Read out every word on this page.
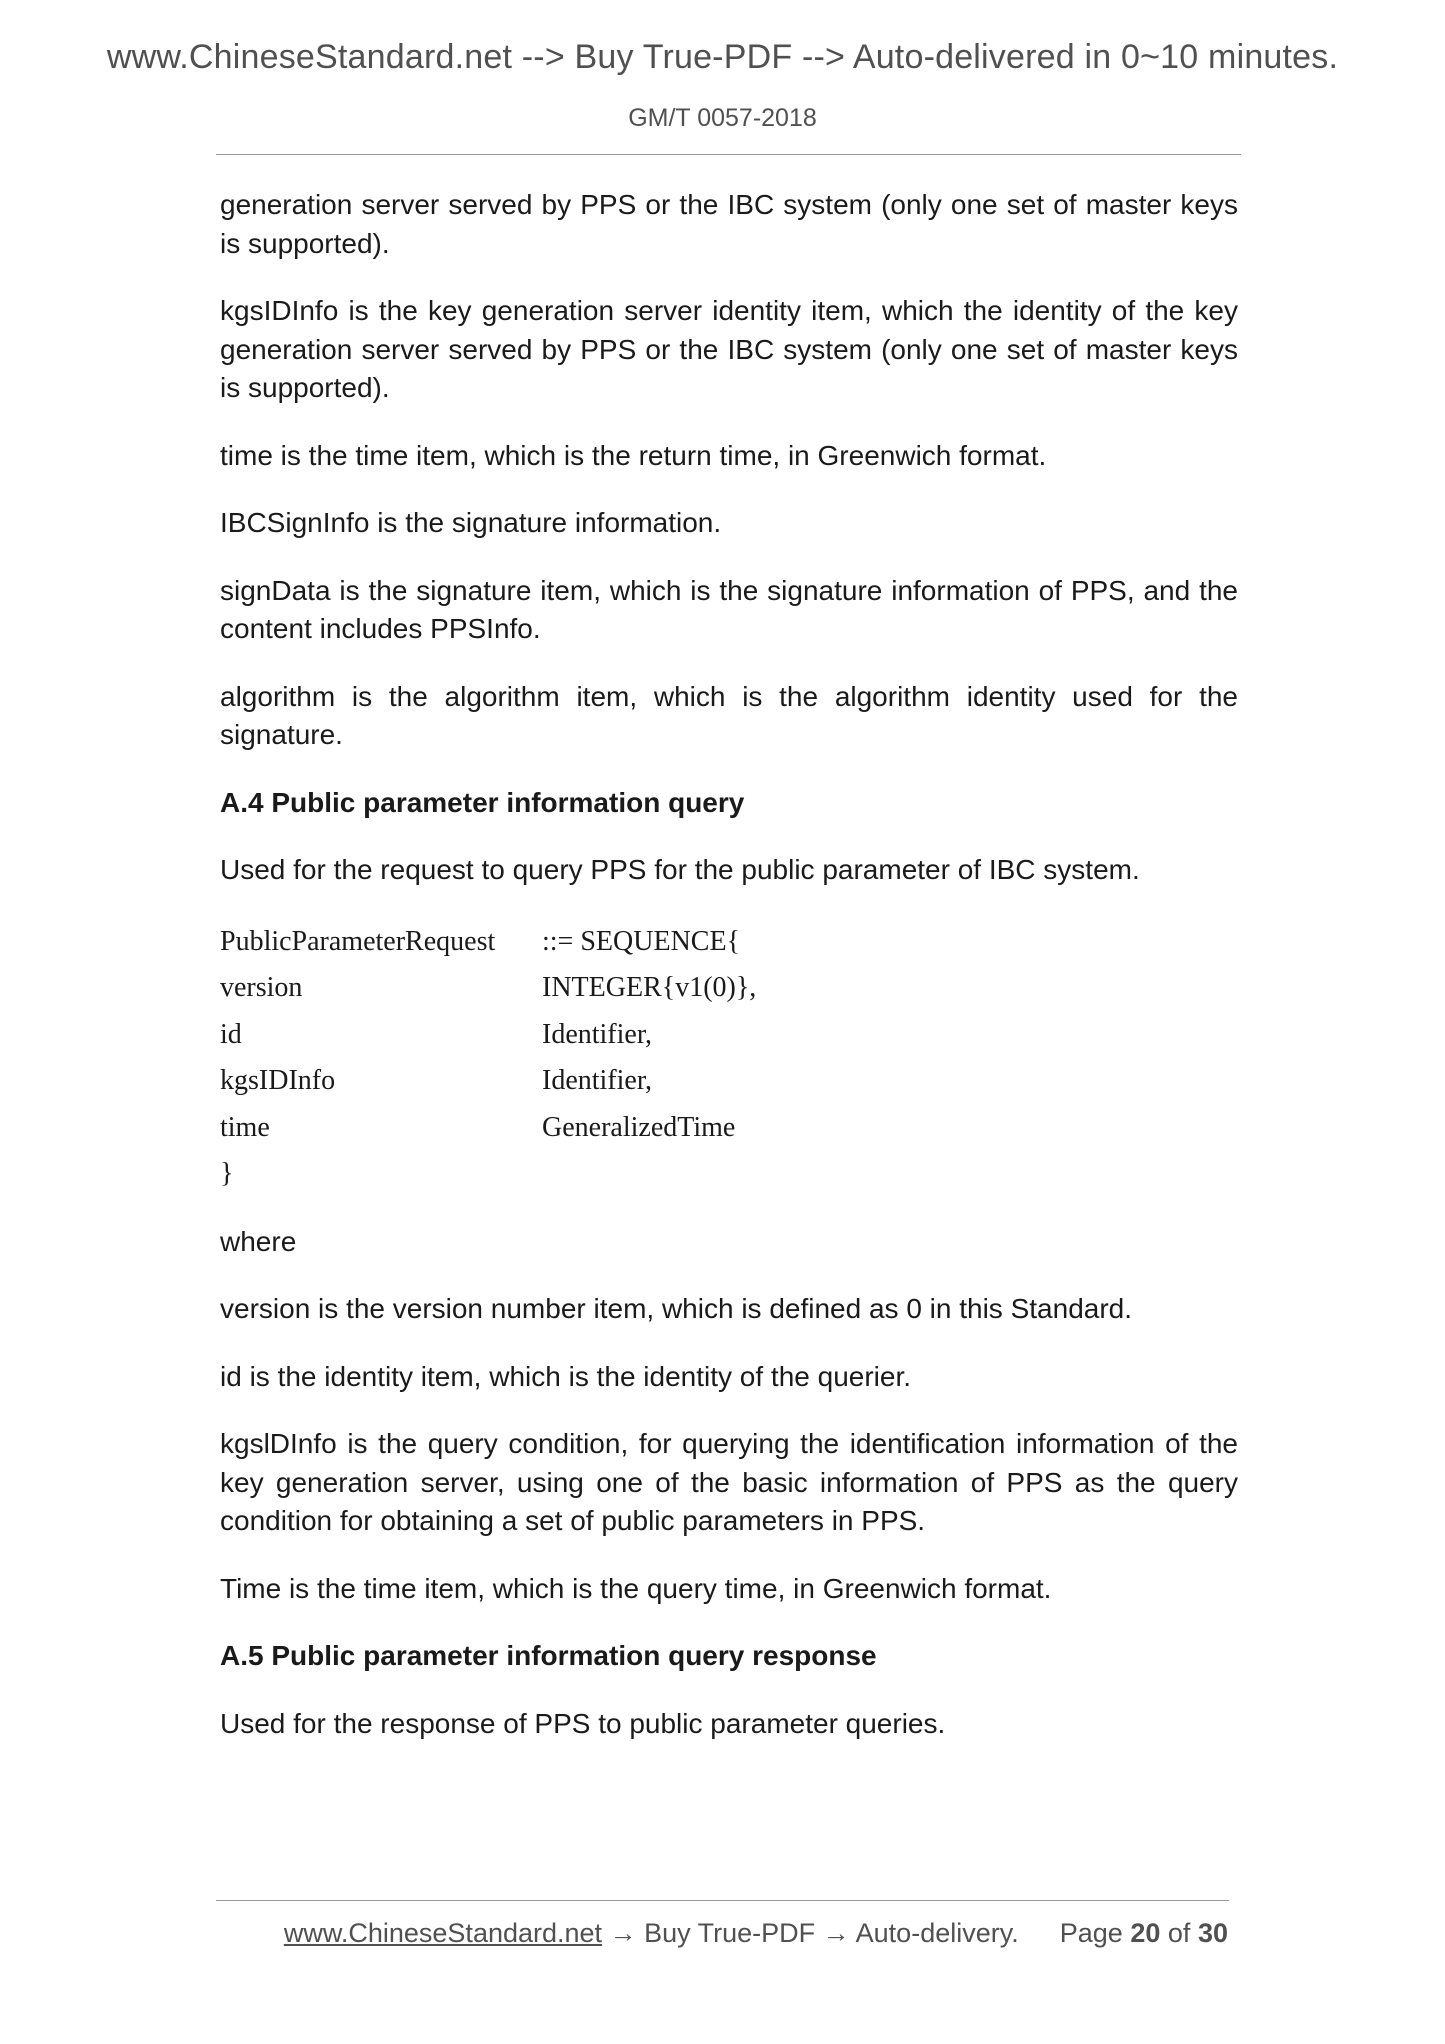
www.ChineseStandard.net --> Buy True-PDF --> Auto-delivered in 0~10 minutes.
GM/T 0057-2018

generation server served by PPS or the IBC system (only one set of master keys is supported).

kgsIDInfo is the key generation server identity item, which the identity of the key generation server served by PPS or the IBC system (only one set of master keys is supported).

time is the time item, which is the return time, in Greenwich format.

IBCSignInfo is the signature information.

signData is the signature item, which is the signature information of PPS, and the content includes PPSInfo.

algorithm is the algorithm item, which is the algorithm identity used for the signature.

A.4 Public parameter information query

Used for the request to query PPS for the public parameter of IBC system.

PublicParameterRequest	::= SEQUENCE{
version	INTEGER{v1(0)},
id	Identifier,
kgsIDInfo	Identifier,
time	GeneralizedTime
}

where

version is the version number item, which is defined as 0 in this Standard.

id is the identity item, which is the identity of the querier.

kgslDInfo is the query condition, for querying the identification information of the key generation server, using one of the basic information of PPS as the query condition for obtaining a set of public parameters in PPS.

Time is the time item, which is the query time, in Greenwich format.

A.5 Public parameter information query response

Used for the response of PPS to public parameter queries.

www.ChineseStandard.net → Buy True-PDF → Auto-delivery. Page 20 of 30
